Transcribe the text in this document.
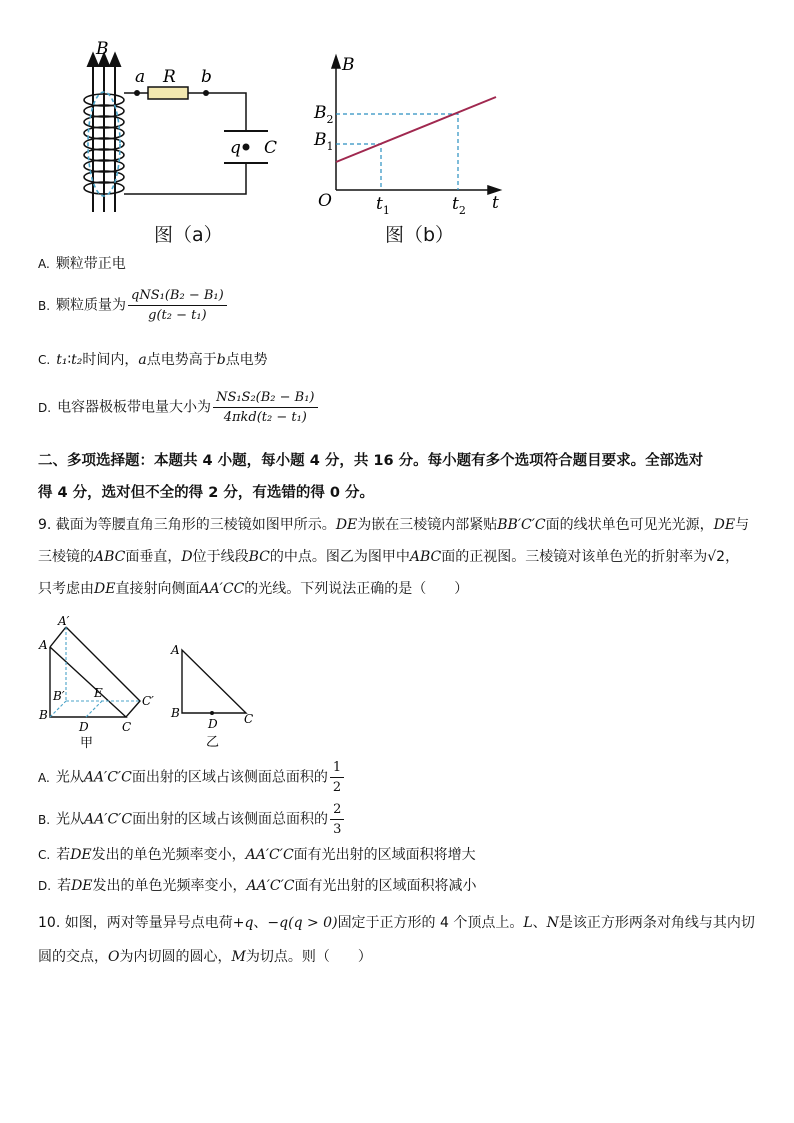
B
a R b
q C
图（a）
B
$B_2$
$B_1$
O	$t_1$	$t_2$ t
图（b）
A. 颗粒带正电
B. 颗粒质量为 $\frac{\text{qNS₁(B₂ − B₁)}}{\text{g(t₂ − t₁)}}$
C. t₁∶t₂时间内，a点电势高于b点电势
D. 电容器极板带电量大小为 $\frac{\text{NS₁S₂(B₂ − B₁)}}{\text{4πkd(t₂ − t₁)}}$
二、多项选择题：本题共 4 小题，每小题 4 分，共 16 分。每小题有多个选项符合题目要求。全部选对
得 4 分，选对但不全的得 2 分，有选错的得 0 分。
9. 截面为等腰直角三角形的三棱镜如图甲所示。DE为嵌在三棱镜内部紧贴BB′C′C面的线状单色可见光光源，DE与
三棱镜的ABC面垂直，D位于线段BC的中点。图乙为图甲中ABC面的正视图。三棱镜对该单色光的折射率为√2，
只考虑由DE直接射向侧面AA′CC的光线。下列说法正确的是（　　）
A′
A
B′ E
C′
B
D	C
甲
A
B
D C
乙
A. 光从AA′C′C面出射的区域占该侧面总面积的 $\frac{1}{2}$
B. 光从AA′C′C面出射的区域占该侧面总面积的 $\frac{2}{3}$
C. 若DE发出的单色光频率变小，AA′C′C面有光出射的区域面积将增大
D. 若DE发出的单色光频率变小，AA′C′C面有光出射的区域面积将减小
10. 如图，两对等量异号点电荷+q、−q(q > 0)固定于正方形的 4 个顶点上。L、N是该正方形两条对角线与其内切
圆的交点，O为内切圆的圆心，M为切点。则（　　）
